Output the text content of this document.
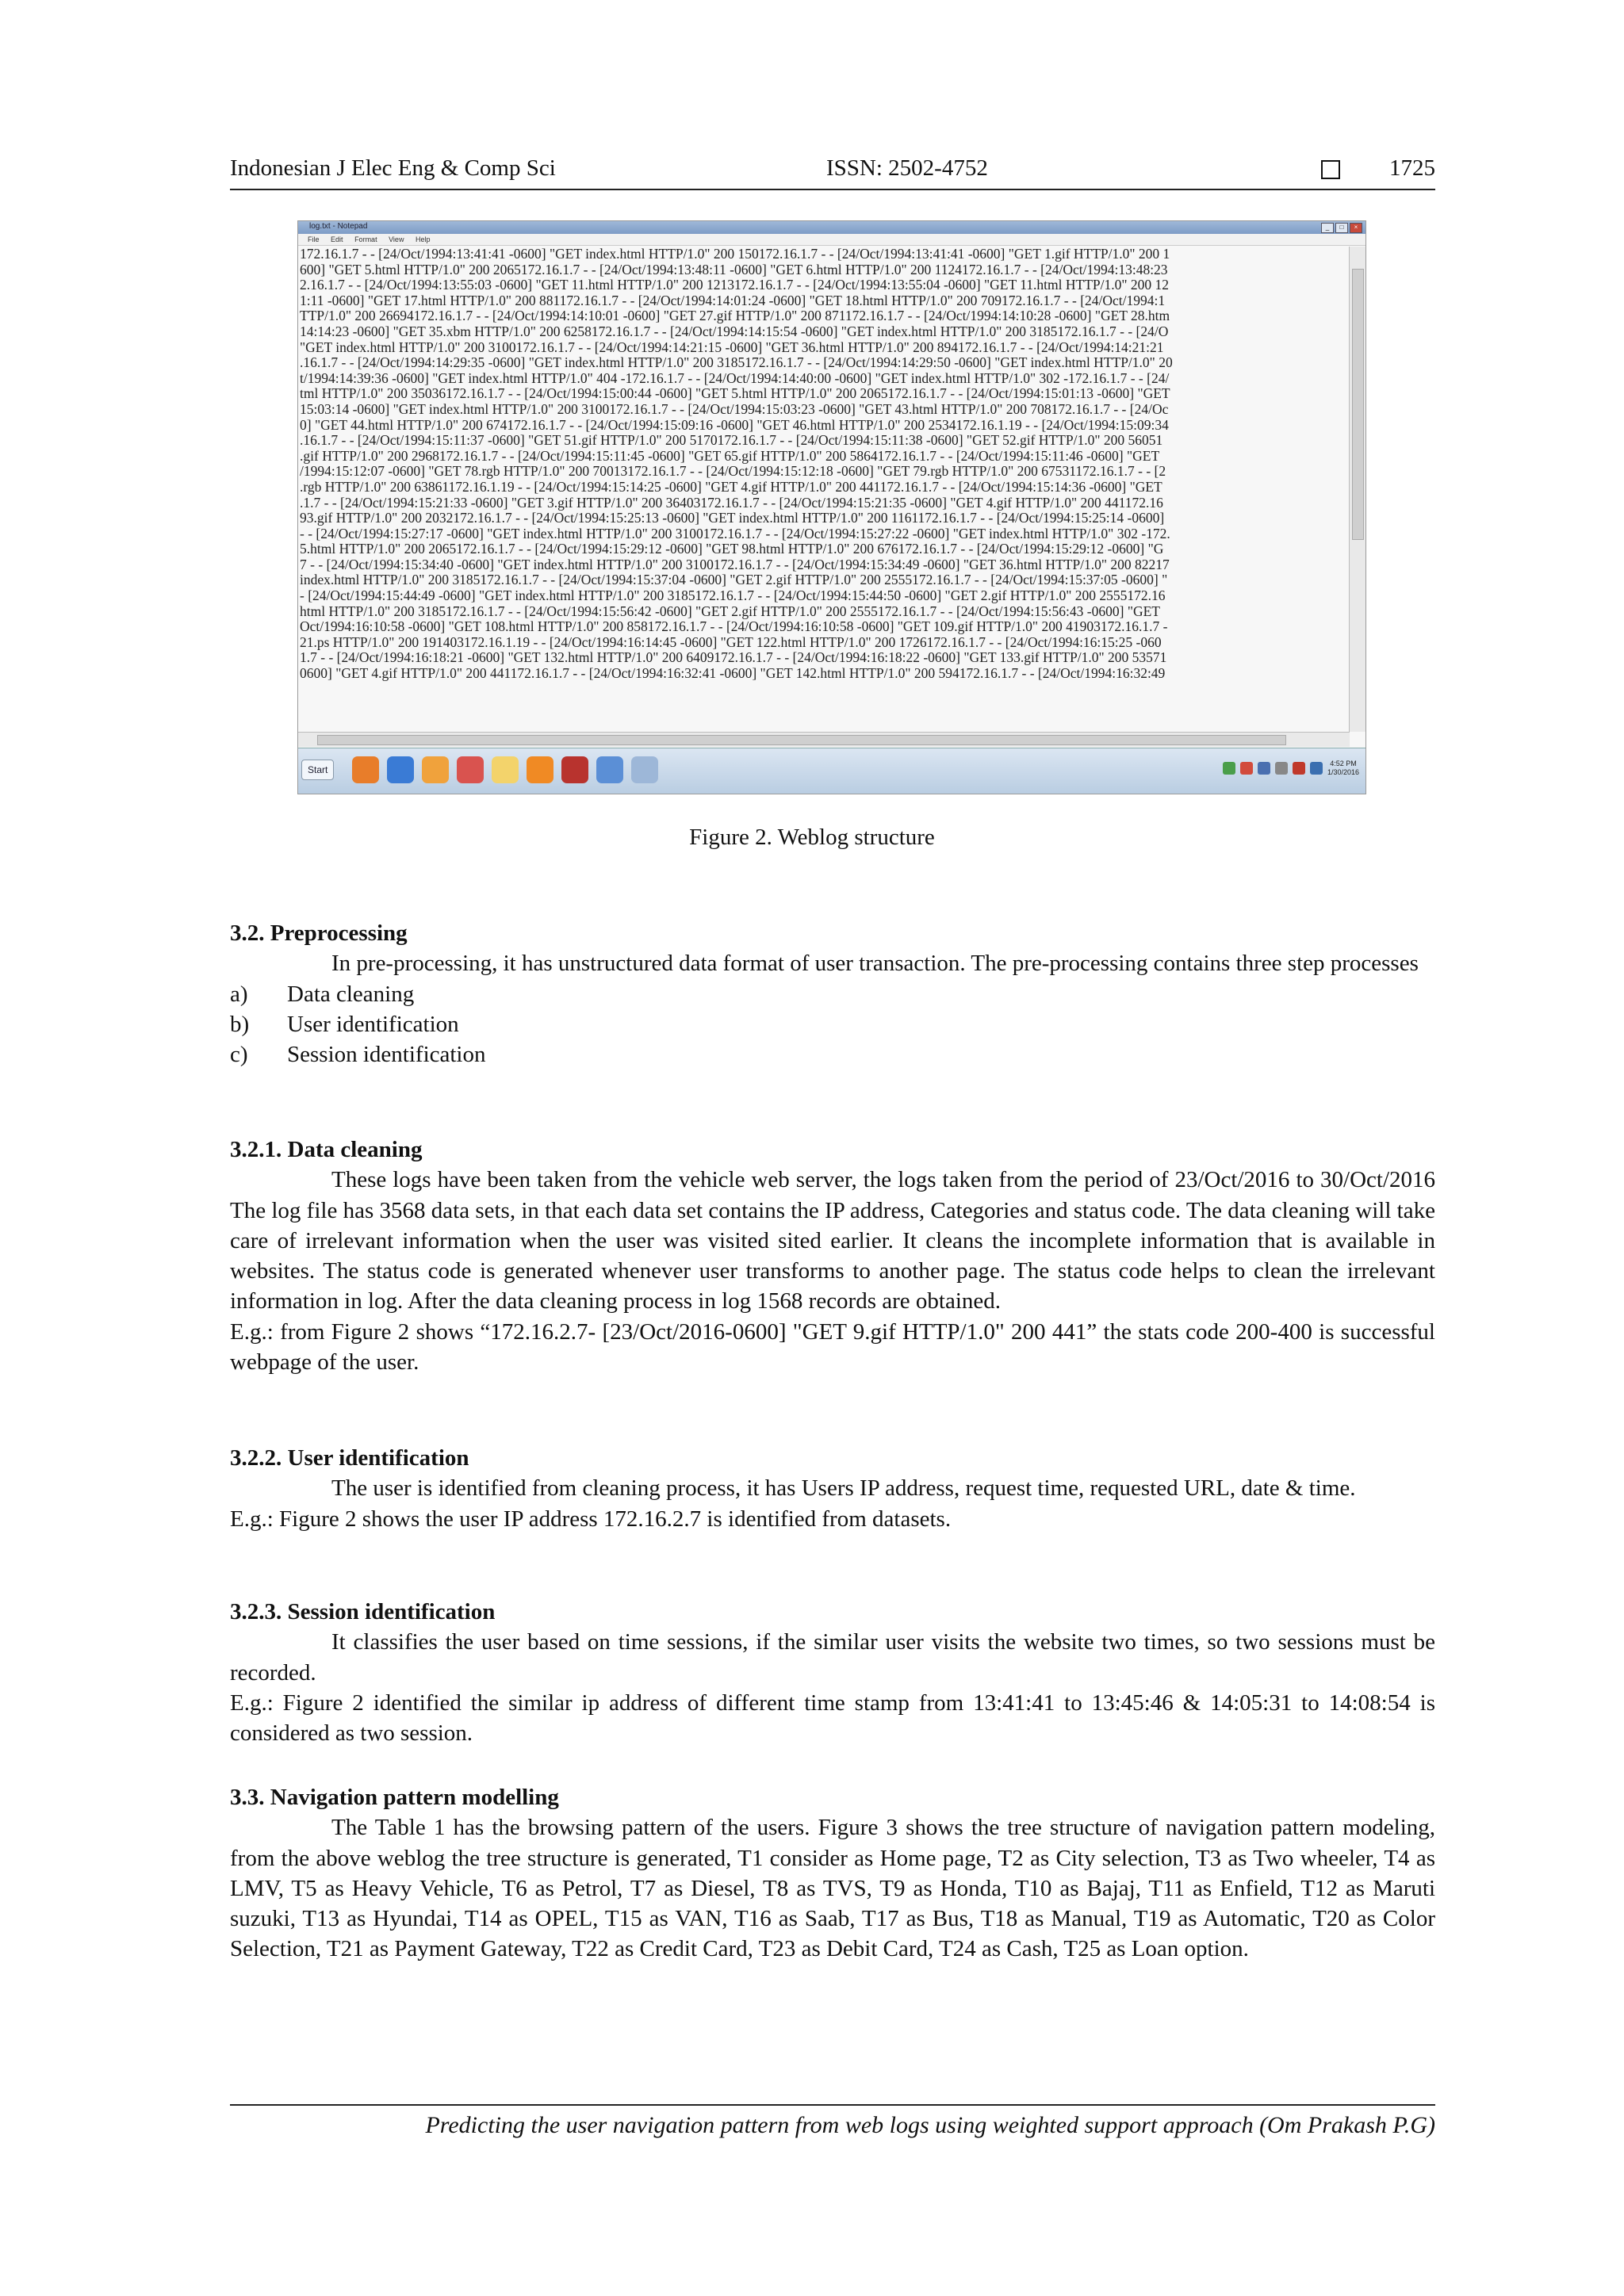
Indonesian J Elec Eng & Comp Sci	ISSN: 2502-4752	1725
log.txt - Notepad	_	□	×
File Edit Format View Help
172.16.1.7 - - [24/Oct/1994:13:41:41 -0600] "GET index.html HTTP/1.0" 200 150172.16.1.7 - - [24/Oct/1994:13:41:41 -0600] "GET 1.gif HTTP/1.0" 200 1
600] "GET 5.html HTTP/1.0" 200 2065172.16.1.7 - - [24/Oct/1994:13:48:11 -0600] "GET 6.html HTTP/1.0" 200 1124172.16.1.7 - - [24/Oct/1994:13:48:23
2.16.1.7 - - [24/Oct/1994:13:55:03 -0600] "GET 11.html HTTP/1.0" 200 1213172.16.1.7 - - [24/Oct/1994:13:55:04 -0600] "GET 11.html HTTP/1.0" 200 12
1:11 -0600] "GET 17.html HTTP/1.0" 200 881172.16.1.7 - - [24/Oct/1994:14:01:24 -0600] "GET 18.html HTTP/1.0" 200 709172.16.1.7 - - [24/Oct/1994:1
TTP/1.0" 200 26694172.16.1.7 - - [24/Oct/1994:14:10:01 -0600] "GET 27.gif HTTP/1.0" 200 871172.16.1.7 - - [24/Oct/1994:14:10:28 -0600] "GET 28.htm
14:14:23 -0600] "GET 35.xbm HTTP/1.0" 200 6258172.16.1.7 - - [24/Oct/1994:14:15:54 -0600] "GET index.html HTTP/1.0" 200 3185172.16.1.7 - - [24/O
"GET index.html HTTP/1.0" 200 3100172.16.1.7 - - [24/Oct/1994:14:21:15 -0600] "GET 36.html HTTP/1.0" 200 894172.16.1.7 - - [24/Oct/1994:14:21:21
.16.1.7 - - [24/Oct/1994:14:29:35 -0600] "GET index.html HTTP/1.0" 200 3185172.16.1.7 - - [24/Oct/1994:14:29:50 -0600] "GET index.html HTTP/1.0" 20
t/1994:14:39:36 -0600] "GET index.html HTTP/1.0" 404 -172.16.1.7 - - [24/Oct/1994:14:40:00 -0600] "GET index.html HTTP/1.0" 302 -172.16.1.7 - - [24/
tml HTTP/1.0" 200 35036172.16.1.7 - - [24/Oct/1994:15:00:44 -0600] "GET 5.html HTTP/1.0" 200 2065172.16.1.7 - - [24/Oct/1994:15:01:13 -0600] "GET
15:03:14 -0600] "GET index.html HTTP/1.0" 200 3100172.16.1.7 - - [24/Oct/1994:15:03:23 -0600] "GET 43.html HTTP/1.0" 200 708172.16.1.7 - - [24/Oc
0] "GET 44.html HTTP/1.0" 200 674172.16.1.7 - - [24/Oct/1994:15:09:16 -0600] "GET 46.html HTTP/1.0" 200 2534172.16.1.19 - - [24/Oct/1994:15:09:34
.16.1.7 - - [24/Oct/1994:15:11:37 -0600] "GET 51.gif HTTP/1.0" 200 5170172.16.1.7 - - [24/Oct/1994:15:11:38 -0600] "GET 52.gif HTTP/1.0" 200 56051
.gif HTTP/1.0" 200 2968172.16.1.7 - - [24/Oct/1994:15:11:45 -0600] "GET 65.gif HTTP/1.0" 200 5864172.16.1.7 - - [24/Oct/1994:15:11:46 -0600] "GET
/1994:15:12:07 -0600] "GET 78.rgb HTTP/1.0" 200 70013172.16.1.7 - - [24/Oct/1994:15:12:18 -0600] "GET 79.rgb HTTP/1.0" 200 67531172.16.1.7 - - [2
.rgb HTTP/1.0" 200 63861172.16.1.19 - - [24/Oct/1994:15:14:25 -0600] "GET 4.gif HTTP/1.0" 200 441172.16.1.7 - - [24/Oct/1994:15:14:36 -0600] "GET
.1.7 - - [24/Oct/1994:15:21:33 -0600] "GET 3.gif HTTP/1.0" 200 36403172.16.1.7 - - [24/Oct/1994:15:21:35 -0600] "GET 4.gif HTTP/1.0" 200 441172.16
93.gif HTTP/1.0" 200 2032172.16.1.7 - - [24/Oct/1994:15:25:13 -0600] "GET index.html HTTP/1.0" 200 1161172.16.1.7 - - [24/Oct/1994:15:25:14 -0600]
- - [24/Oct/1994:15:27:17 -0600] "GET index.html HTTP/1.0" 200 3100172.16.1.7 - - [24/Oct/1994:15:27:22 -0600] "GET index.html HTTP/1.0" 302 -172.
5.html HTTP/1.0" 200 2065172.16.1.7 - - [24/Oct/1994:15:29:12 -0600] "GET 98.html HTTP/1.0" 200 676172.16.1.7 - - [24/Oct/1994:15:29:12 -0600] "G
7 - - [24/Oct/1994:15:34:40 -0600] "GET index.html HTTP/1.0" 200 3100172.16.1.7 - - [24/Oct/1994:15:34:49 -0600] "GET 36.html HTTP/1.0" 200 82217
index.html HTTP/1.0" 200 3185172.16.1.7 - - [24/Oct/1994:15:37:04 -0600] "GET 2.gif HTTP/1.0" 200 2555172.16.1.7 - - [24/Oct/1994:15:37:05 -0600] "
- [24/Oct/1994:15:44:49 -0600] "GET index.html HTTP/1.0" 200 3185172.16.1.7 - - [24/Oct/1994:15:44:50 -0600] "GET 2.gif HTTP/1.0" 200 2555172.16
html HTTP/1.0" 200 3185172.16.1.7 - - [24/Oct/1994:15:56:42 -0600] "GET 2.gif HTTP/1.0" 200 2555172.16.1.7 - - [24/Oct/1994:15:56:43 -0600] "GET
Oct/1994:16:10:58 -0600] "GET 108.html HTTP/1.0" 200 858172.16.1.7 - - [24/Oct/1994:16:10:58 -0600] "GET 109.gif HTTP/1.0" 200 41903172.16.1.7 -
21.ps HTTP/1.0" 200 191403172.16.1.19 - - [24/Oct/1994:16:14:45 -0600] "GET 122.html HTTP/1.0" 200 1726172.16.1.7 - - [24/Oct/1994:16:15:25 -060
1.7 - - [24/Oct/1994:16:18:21 -0600] "GET 132.html HTTP/1.0" 200 6409172.16.1.7 - - [24/Oct/1994:16:18:22 -0600] "GET 133.gif HTTP/1.0" 200 53571
0600] "GET 4.gif HTTP/1.0" 200 441172.16.1.7 - - [24/Oct/1994:16:32:41 -0600] "GET 142.html HTTP/1.0" 200 594172.16.1.7 - - [24/Oct/1994:16:32:49
Start
4:52 PM
1/30/2016
Figure 2. Weblog structure

3.2. Preprocessing

In pre-processing, it has unstructured data format of user transaction. The pre-processing contains three step processes

a) Data cleaning

b) User identification

c) Session identification

3.2.1. Data cleaning

These logs have been taken from the vehicle web server, the logs taken from the period of 23/Oct/2016 to 30/Oct/2016 The log file has 3568 data sets, in that each data set contains the IP address, Categories and status code. The data cleaning will take care of irrelevant information when the user was visited sited earlier. It cleans the incomplete information that is available in websites. The status code is generated whenever user transforms to another page. The status code helps to clean the irrelevant information in log. After the data cleaning process in log 1568 records are obtained.

E.g.: from Figure 2 shows “172.16.2.7- [23/Oct/2016-0600] "GET 9.gif HTTP/1.0" 200 441” the stats code 200-400 is successful webpage of the user.

3.2.2. User identification

The user is identified from cleaning process, it has Users IP address, request time, requested URL, date & time.

E.g.: Figure 2 shows the user IP address 172.16.2.7 is identified from datasets.

3.2.3. Session identification

It classifies the user based on time sessions, if the similar user visits the website two times, so two sessions must be recorded.

E.g.: Figure 2 identified the similar ip address of different time stamp from 13:41:41 to 13:45:46 & 14:05:31 to 14:08:54 is considered as two session.

3.3. Navigation pattern modelling

The Table 1 has the browsing pattern of the users. Figure 3 shows the tree structure of navigation pattern modeling, from the above weblog the tree structure is generated, T1 consider as Home page, T2 as City selection, T3 as Two wheeler, T4 as LMV, T5 as Heavy Vehicle, T6 as Petrol, T7 as Diesel, T8 as TVS, T9 as Honda, T10 as Bajaj, T11 as Enfield, T12 as Maruti suzuki, T13 as Hyundai, T14 as OPEL, T15 as VAN, T16 as Saab, T17 as Bus, T18 as Manual, T19 as Automatic, T20 as Color Selection, T21 as Payment Gateway, T22 as Credit Card, T23 as Debit Card, T24 as Cash, T25 as Loan option.

Predicting the user navigation pattern from web logs using weighted support approach (Om Prakash P.G)
